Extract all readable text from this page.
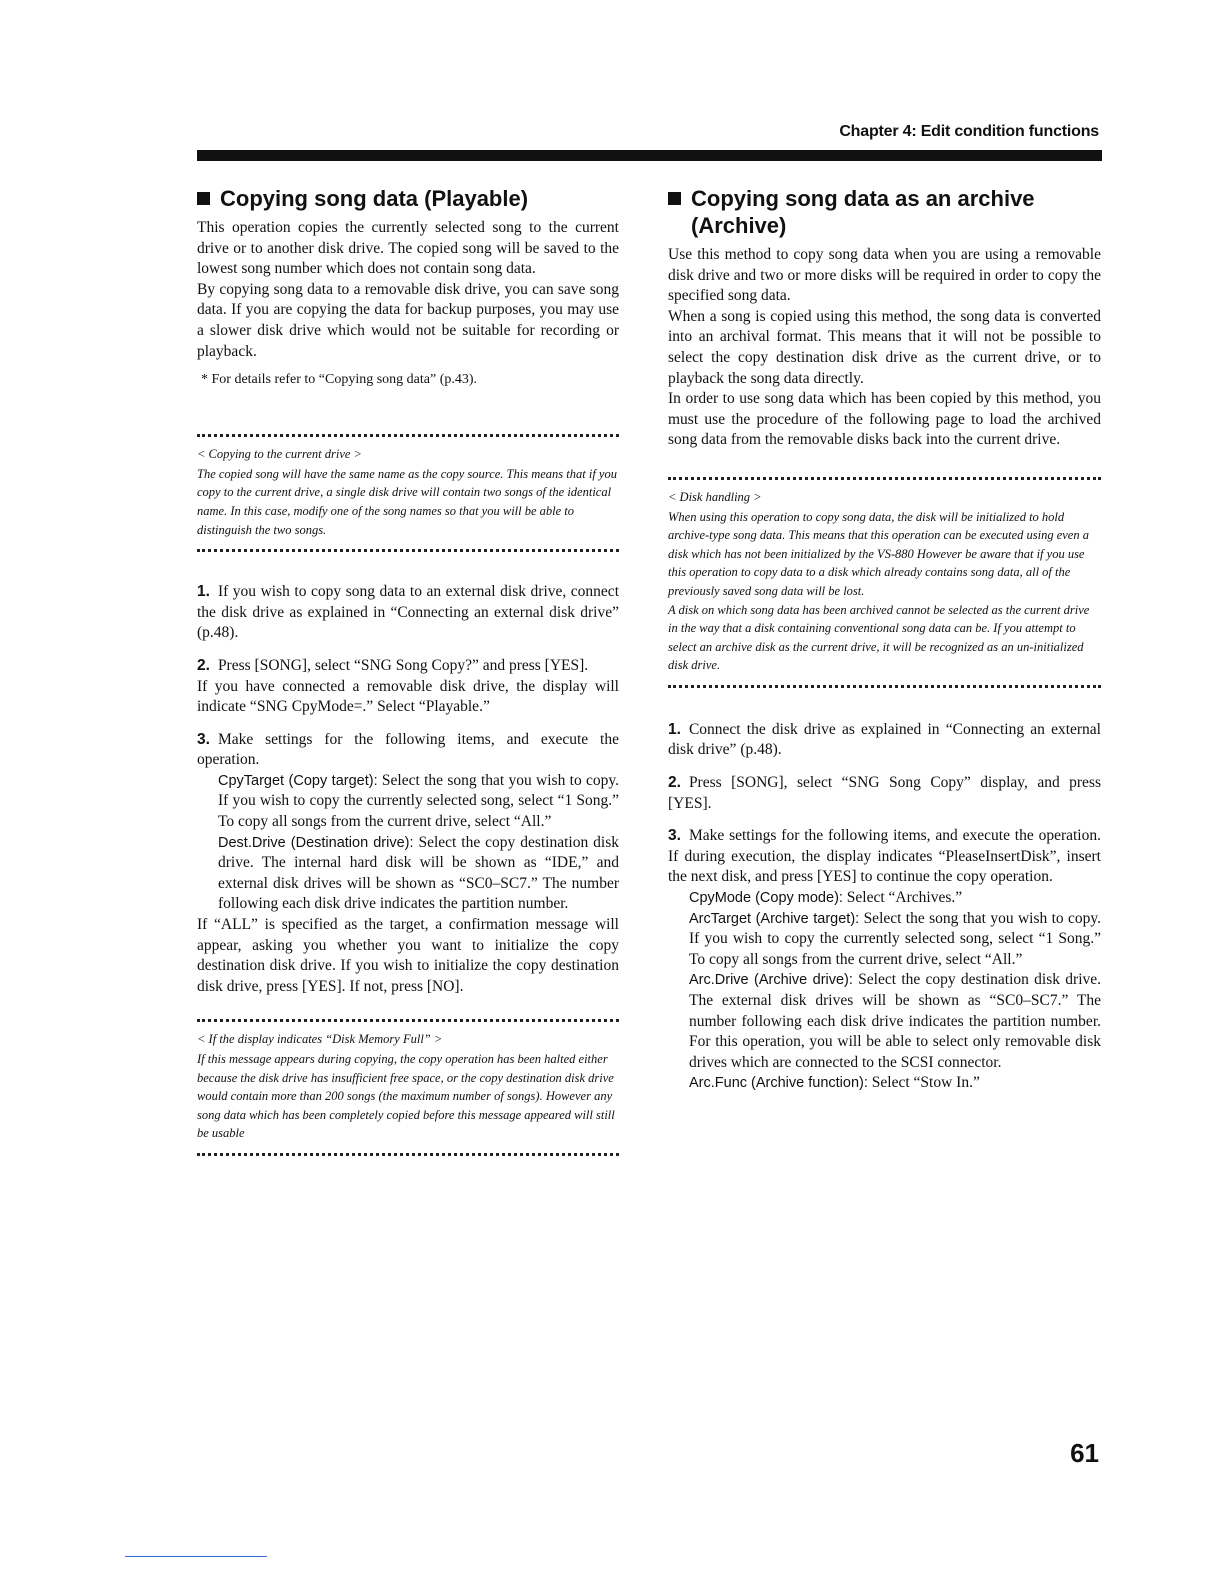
Chapter 4: Edit condition functions
Copying song data (Playable)

This operation copies the currently selected song to the current drive or to another disk drive. The copied song will be saved to the lowest song number which does not contain song data.

By copying song data to a removable disk drive, you can save song data. If you are copying the data for backup purposes, you may use a slower disk drive which would not be suitable for recording or playback.

* For details refer to “Copying song data” (p.43).

< Copying to the current drive >

The copied song will have the same name as the copy source. This means that if you copy to the current drive, a single disk drive will contain two songs of the identical name. In this case, modify one of the song names so that you will be able to distinguish the two songs.

1. If you wish to copy song data to an external disk drive, connect the disk drive as explained in “Connecting an external disk drive” (p.48).

2. Press [SONG], select “SNG Song Copy?” and press [YES].

If you have connected a removable disk drive, the display will indicate “SNG CpyMode=.” Select “Playable.”

3. Make settings for the following items, and execute the operation.

CpyTarget (Copy target): Select the song that you wish to copy. If you wish to copy the currently selected song, select “1 Song.” To copy all songs from the current drive, select “All.”

Dest.Drive (Destination drive): Select the copy destination disk drive. The internal hard disk will be shown as “IDE,” and external disk drives will be shown as “SC0–SC7.” The number following each disk drive indicates the partition number.

If “ALL” is specified as the target, a confirmation message will appear, asking you whether you want to initialize the copy destination disk drive. If you wish to initialize the copy destination disk drive, press [YES]. If not, press [NO].

< If the display indicates “Disk Memory Full” >

If this message appears during copying, the copy operation has been halted either because the disk drive has insufficient free space, or the copy destination disk drive would contain more than 200 songs (the maximum number of songs). However any song data which has been completely copied before this message appeared will still be usable

Copying song data as an archive (Archive)

Use this method to copy song data when you are using a removable disk drive and two or more disks will be required in order to copy the specified song data.

When a song is copied using this method, the song data is converted into an archival format. This means that it will not be possible to select the copy destination disk drive as the current drive, or to playback the song data directly.

In order to use song data which has been copied by this method, you must use the procedure of the following page to load the archived song data from the removable disks back into the current drive.

< Disk handling >

When using this operation to copy song data, the disk will be initialized to hold archive-type song data. This means that this operation can be executed using even a disk which has not been initialized by the VS-880 However be aware that if you use this operation to copy data to a disk which already contains song data, all of the previously saved song data will be lost.

A disk on which song data has been archived cannot be selected as the current drive in the way that a disk containing conventional song data can be. If you attempt to select an archive disk as the current drive, it will be recognized as an un-initialized disk drive.

1. Connect the disk drive as explained in “Connecting an external disk drive” (p.48).

2. Press [SONG], select “SNG Song Copy” display, and press [YES].

3. Make settings for the following items, and execute the operation. If during execution, the display indicates “PleaseInsertDisk”, insert the next disk, and press [YES] to continue the copy operation.

CpyMode (Copy mode): Select “Archives.”

ArcTarget (Archive target): Select the song that you wish to copy. If you wish to copy the currently selected song, select “1 Song.” To copy all songs from the current drive, select “All.”

Arc.Drive (Archive drive): Select the copy destination disk drive. The external disk drives will be shown as “SC0–SC7.” The number following each disk drive indicates the partition number. For this operation, you will be able to select only removable disk drives which are connected to the SCSI connector.

Arc.Func (Archive function): Select “Stow In.”

61
